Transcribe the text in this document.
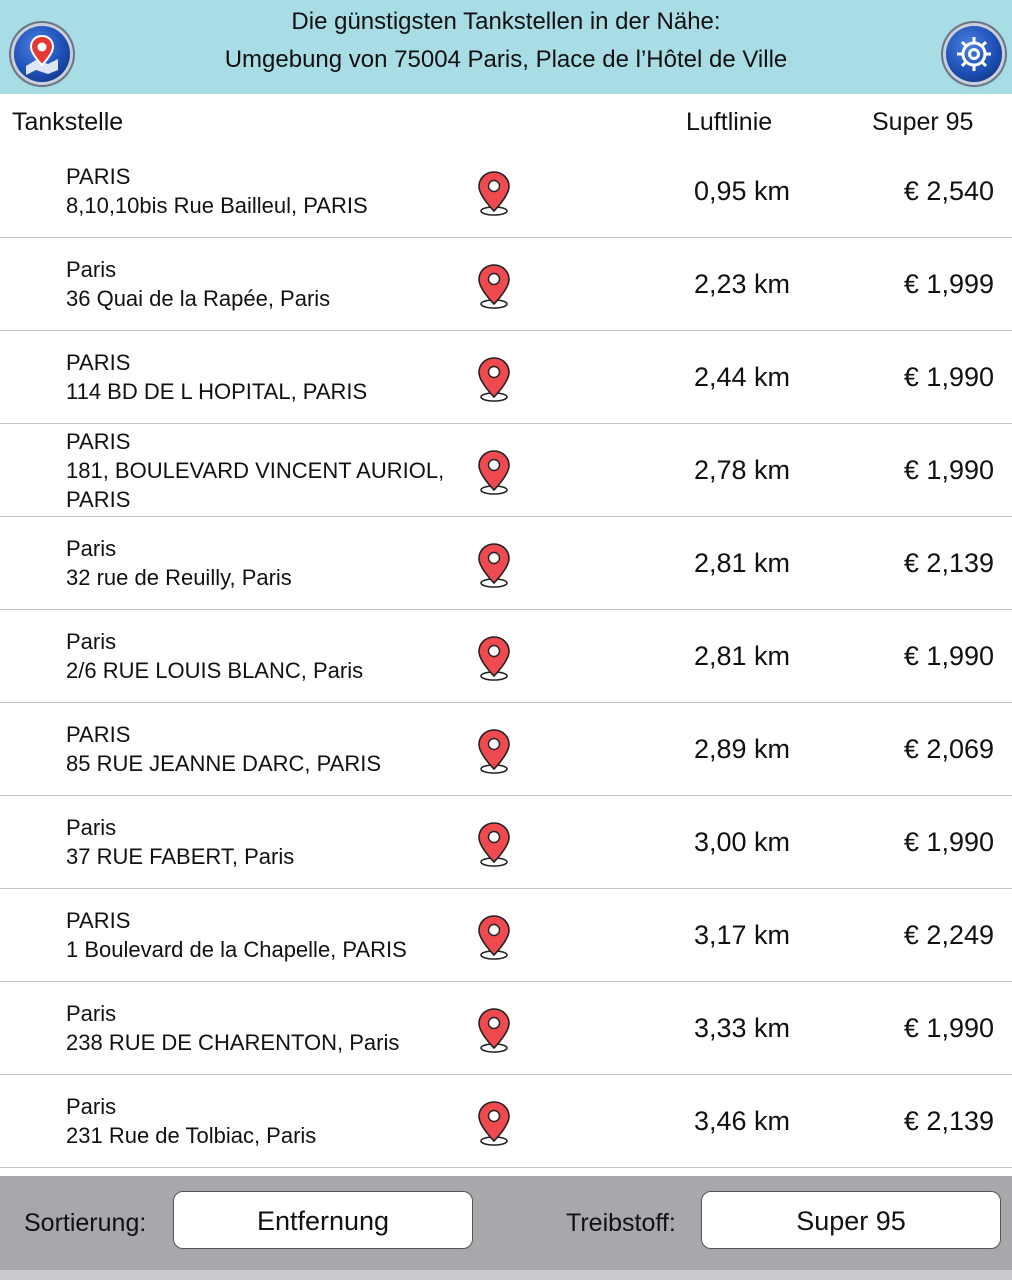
Die günstigsten Tankstellen in der Nähe:
Umgebung von 75004 Paris, Place de l’Hôtel de Ville
Tankstelle	Luftlinie	Super 95
PARIS
8,10,10bis Rue Bailleul, PARIS	0,95 km	€ 2,540
Paris
36 Quai de la Rapée, Paris	2,23 km	€ 1,999
PARIS
114 BD DE L HOPITAL, PARIS	2,44 km	€ 1,990
PARIS
181, BOULEVARD VINCENT AURIOL, PARIS
2,78 km	€ 1,990
Paris
32 rue de Reuilly, Paris	2,81 km	€ 2,139
Paris
2/6 RUE LOUIS BLANC, Paris	2,81 km	€ 1,990
PARIS
85 RUE JEANNE DARC, PARIS	2,89 km	€ 2,069
Paris
37 RUE FABERT, Paris	3,00 km	€ 1,990
PARIS
1 Boulevard de la Chapelle, PARIS	3,17 km	€ 2,249
Paris
238 RUE DE CHARENTON, Paris	3,33 km	€ 1,990
Paris
231 Rue de Tolbiac, Paris	3,46 km	€ 2,139
Sortierung:	Entfernung	Treibstoff:	Super 95
